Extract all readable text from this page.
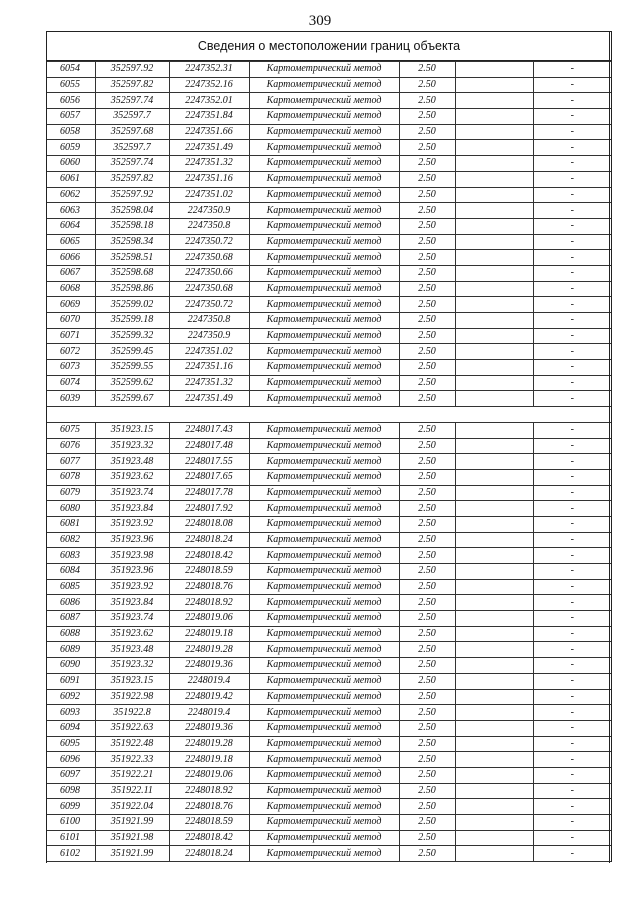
309
Сведения о местоположении границ объекта
6054	352597.92	2247352.31	Картометрический метод	2.50		-
6055	352597.82	2247352.16	Картометрический метод	2.50		-
6056	352597.74	2247352.01	Картометрический метод	2.50		-
6057	352597.7	2247351.84	Картометрический метод	2.50		-
6058	352597.68	2247351.66	Картометрический метод	2.50		-
6059	352597.7	2247351.49	Картометрический метод	2.50		-
6060	352597.74	2247351.32	Картометрический метод	2.50		-
6061	352597.82	2247351.16	Картометрический метод	2.50		-
6062	352597.92	2247351.02	Картометрический метод	2.50		-
6063	352598.04	2247350.9	Картометрический метод	2.50		-
6064	352598.18	2247350.8	Картометрический метод	2.50		-
6065	352598.34	2247350.72	Картометрический метод	2.50		-
6066	352598.51	2247350.68	Картометрический метод	2.50		-
6067	352598.68	2247350.66	Картометрический метод	2.50		-
6068	352598.86	2247350.68	Картометрический метод	2.50		-
6069	352599.02	2247350.72	Картометрический метод	2.50		-
6070	352599.18	2247350.8	Картометрический метод	2.50		-
6071	352599.32	2247350.9	Картометрический метод	2.50		-
6072	352599.45	2247351.02	Картометрический метод	2.50		-
6073	352599.55	2247351.16	Картометрический метод	2.50		-
6074	352599.62	2247351.32	Картометрический метод	2.50		-
6039	352599.67	2247351.49	Картометрический метод	2.50		-

6075	351923.15	2248017.43	Картометрический метод	2.50		-
6076	351923.32	2248017.48	Картометрический метод	2.50		-
6077	351923.48	2248017.55	Картометрический метод	2.50		-
6078	351923.62	2248017.65	Картометрический метод	2.50		-
6079	351923.74	2248017.78	Картометрический метод	2.50		-
6080	351923.84	2248017.92	Картометрический метод	2.50		-
6081	351923.92	2248018.08	Картометрический метод	2.50		-
6082	351923.96	2248018.24	Картометрический метод	2.50		-
6083	351923.98	2248018.42	Картометрический метод	2.50		-
6084	351923.96	2248018.59	Картометрический метод	2.50		-
6085	351923.92	2248018.76	Картометрический метод	2.50		-
6086	351923.84	2248018.92	Картометрический метод	2.50		-
6087	351923.74	2248019.06	Картометрический метод	2.50		-
6088	351923.62	2248019.18	Картометрический метод	2.50		-
6089	351923.48	2248019.28	Картометрический метод	2.50		-
6090	351923.32	2248019.36	Картометрический метод	2.50		-
6091	351923.15	2248019.4	Картометрический метод	2.50		-
6092	351922.98	2248019.42	Картометрический метод	2.50		-
6093	351922.8	2248019.4	Картометрический метод	2.50		-
6094	351922.63	2248019.36	Картометрический метод	2.50		-
6095	351922.48	2248019.28	Картометрический метод	2.50		-
6096	351922.33	2248019.18	Картометрический метод	2.50		-
6097	351922.21	2248019.06	Картометрический метод	2.50		-
6098	351922.11	2248018.92	Картометрический метод	2.50		-
6099	351922.04	2248018.76	Картометрический метод	2.50		-
6100	351921.99	2248018.59	Картометрический метод	2.50		-
6101	351921.98	2248018.42	Картометрический метод	2.50		-
6102	351921.99	2248018.24	Картометрический метод	2.50		-
